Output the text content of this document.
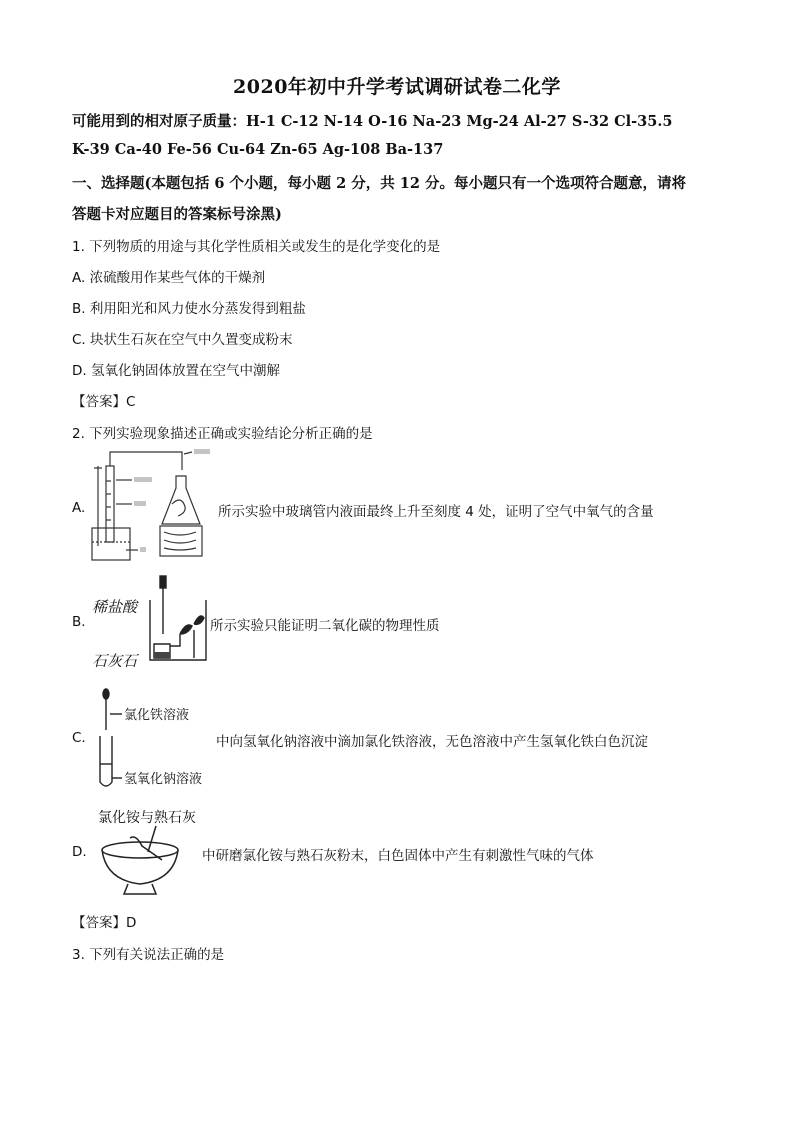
2020年初中升学考试调研试卷二化学
可能用到的相对原子质量：H-1 C-12 N-14 O-16 Na-23 Mg-24 Al-27 S-32 Cl-35.5
K-39 Ca-40 Fe-56 Cu-64 Zn-65 Ag-108 Ba-137
一、选择题(本题包括 6 个小题，每小题 2 分，共 12 分。每小题只有一个选项符合题意，请将
答题卡对应题目的答案标号涂黑)
1. 下列物质的用途与其化学性质相关或发生的是化学变化的是
A. 浓硫酸用作某些气体的干燥剂
B. 利用阳光和风力使水分蒸发得到粗盐
C. 块状生石灰在空气中久置变成粉末
D. 氢氧化钠固体放置在空气中潮解
【答案】C
2. 下列实验现象描述正确或实验结论分析正确的是
A.	所示实验中玻璃管内液面最终上升至刻度 4 处，证明了空气中氧气的含量
B.
稀盐酸
石灰石
所示实验只能证明二氧化碳的物理性质
C.
氯化铁溶液
氢氧化钠溶液
中向氢氧化钠溶液中滴加氯化铁溶液，无色溶液中产生氢氧化铁白色沉淀
D.
氯化铵与熟石灰
中研磨氯化铵与熟石灰粉末，白色固体中产生有刺激性气味的气体
【答案】D
3. 下列有关说法正确的是
